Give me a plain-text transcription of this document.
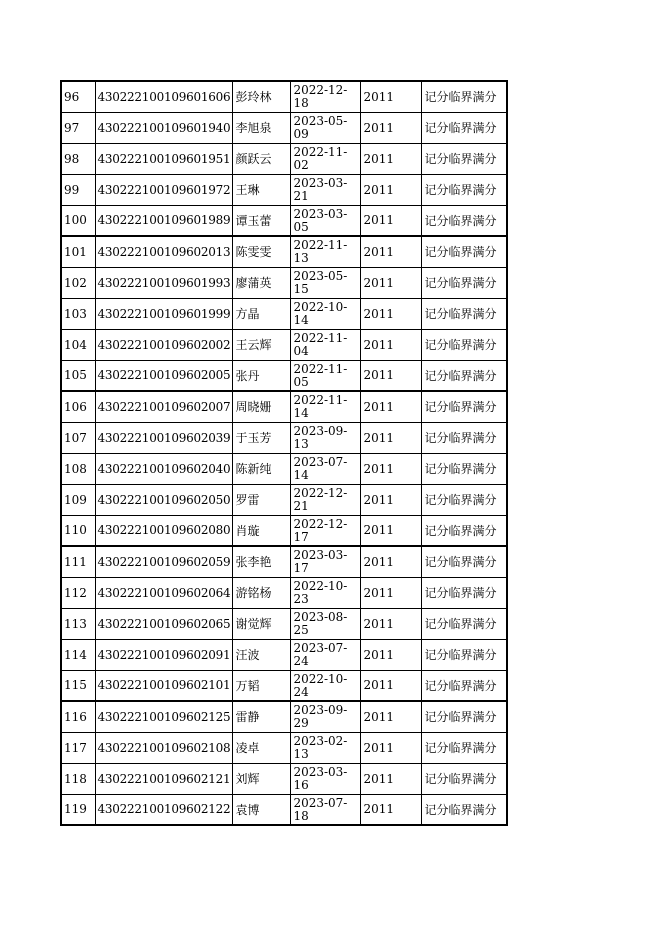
96	430222100109601606	彭玲林	2022-12-18	2011	记分临界满分
97	430222100109601940	李旭泉	2023-05-09	2011	记分临界满分
98	430222100109601951	颜跃云	2022-11-02	2011	记分临界满分
99	430222100109601972	王琳	2023-03-21	2011	记分临界满分
100	430222100109601989	谭玉蕾	2023-03-05	2011	记分临界满分
101	430222100109602013	陈雯雯	2022-11-13	2011	记分临界满分
102	430222100109601993	廖蒲英	2023-05-15	2011	记分临界满分
103	430222100109601999	方晶	2022-10-14	2011	记分临界满分
104	430222100109602002	王云辉	2022-11-04	2011	记分临界满分
105	430222100109602005	张丹	2022-11-05	2011	记分临界满分
106	430222100109602007	周晓姗	2022-11-14	2011	记分临界满分
107	430222100109602039	于玉芳	2023-09-13	2011	记分临界满分
108	430222100109602040	陈新纯	2023-07-14	2011	记分临界满分
109	430222100109602050	罗雷	2022-12-21	2011	记分临界满分
110	430222100109602080	肖璇	2022-12-17	2011	记分临界满分
111	430222100109602059	张李艳	2023-03-17	2011	记分临界满分
112	430222100109602064	游铭杨	2022-10-23	2011	记分临界满分
113	430222100109602065	谢觉辉	2023-08-25	2011	记分临界满分
114	430222100109602091	汪波	2023-07-24	2011	记分临界满分
115	430222100109602101	万韬	2022-10-24	2011	记分临界满分
116	430222100109602125	雷静	2023-09-29	2011	记分临界满分
117	430222100109602108	凌卓	2023-02-13	2011	记分临界满分
118	430222100109602121	刘辉	2023-03-16	2011	记分临界满分
119	430222100109602122	袁博	2023-07-18	2011	记分临界满分
